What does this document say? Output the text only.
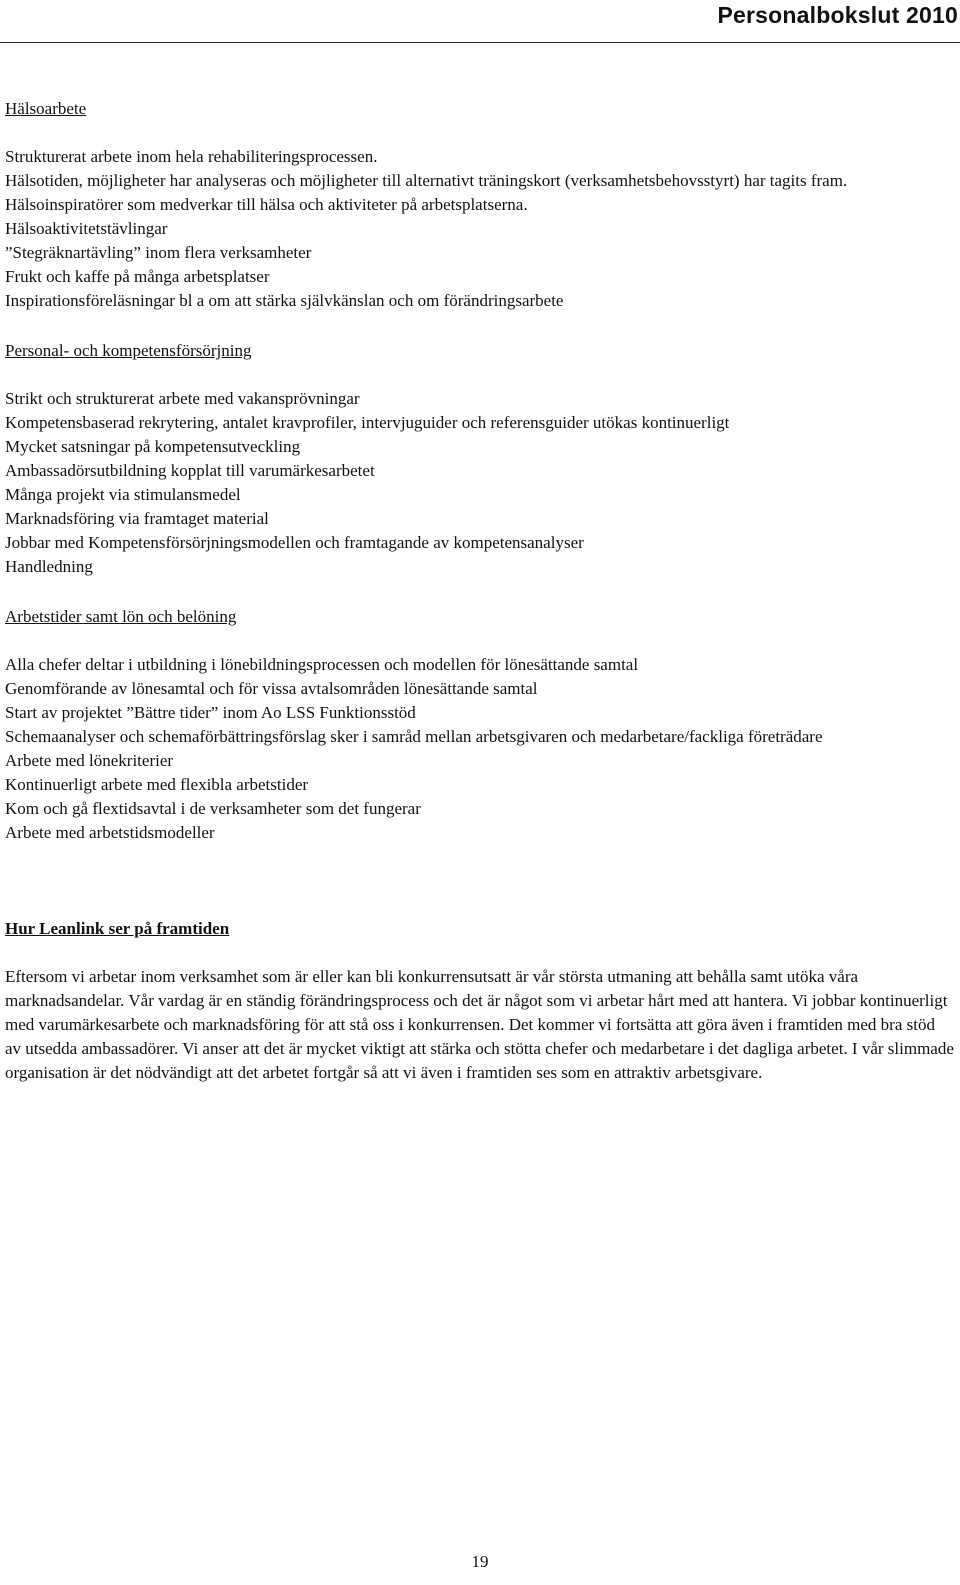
Personalbokslut 2010
Hälsoarbete
Strukturerat arbete inom hela rehabiliteringsprocessen.
Hälsotiden, möjligheter har analyseras och möjligheter till alternativt träningskort (verksamhetsbehovsstyrt) har tagits fram.
Hälsoinspiratörer som medverkar till hälsa och aktiviteter på arbetsplatserna.
Hälsoaktivitetstävlingar
”Stegräknartävling” inom flera verksamheter
Frukt och kaffe på många arbetsplatser
Inspirationsföreläsningar bl a om att stärka självkänslan och om förändringsarbete
Personal- och kompetensförsörjning
Strikt och strukturerat arbete med vakansprövningar
Kompetensbaserad rekrytering, antalet kravprofiler, intervjuguider och referensguider utökas kontinuerligt
Mycket satsningar på kompetensutveckling
Ambassadörsutbildning kopplat till varumärkesarbetet
Många projekt via stimulansmedel
Marknadsföring via framtaget material
Jobbar med Kompetensförsörjningsmodellen och framtagande av kompetensanalyser
Handledning
Arbetstider samt lön och belöning
Alla chefer deltar i utbildning i lönebildningsprocessen och modellen för lönesättande samtal
Genomförande av lönesamtal och för vissa avtalsområden lönesättande samtal
Start av projektet ”Bättre tider” inom Ao LSS Funktionsstöd
Schemaanalyser och schemaförbättringsförslag sker i samråd mellan arbetsgivaren och medarbetare/fackliga företrädare
Arbete med lönekriterier
Kontinuerligt arbete med flexibla arbetstider
Kom och gå flextidsavtal i de verksamheter som det fungerar
Arbete med arbetstidsmodeller
Hur Leanlink ser på framtiden
Eftersom vi arbetar inom verksamhet som är eller kan bli konkurrensutsatt är vår största utmaning att behålla samt utöka våra marknadsandelar. Vår vardag är en ständig förändringsprocess och det är något som vi arbetar hårt med att hantera. Vi jobbar kontinuerligt med varumärkesarbete och marknadsföring för att stå oss i konkurrensen. Det kommer vi fortsätta att göra även i framtiden med bra stöd av utsedda ambassadörer. Vi anser att det är mycket viktigt att stärka och stötta chefer och medarbetare i det dagliga arbetet. I vår slimmade organisation är det nödvändigt att det arbetet fortgår så att vi även i framtiden ses som en attraktiv arbetsgivare.
19
